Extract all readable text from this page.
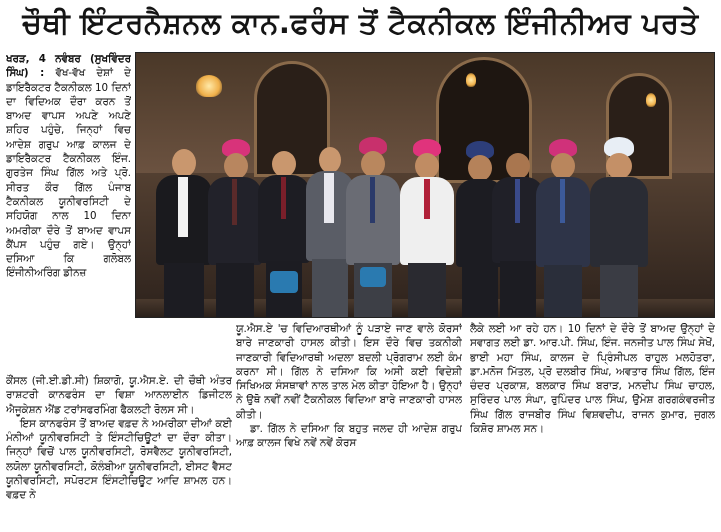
ਚੌਥੀ ਇੰਟਰਨੈਸ਼ਨਲ ਕਾਨ.ਫਰੰਸ ਤੋਂ ਟੈਕਨੀਕਲ ਇੰਜੀਨੀਅਰ ਪਰਤੇ

ਖਰੜ, 4 ਨਵੰਬਰ (ਸੁਖਵਿੰਦਰ ਸਿੰਘ) : ਵੱਖ-ਵੱਖ ਦੇਸ਼ਾਂ ਦੇ ਡਾਇਰੈਕਟਰ ਟੈਕਨੀਕਲ 10 ਦਿਨਾਂ ਦਾ ਵਿਦਿਅਕ ਦੌਰਾ ਕਰਨ ਤੋਂ ਬਾਅਦ ਵਾਪਸ ਅਪਣੇ ਅਪਣੇ ਸ਼ਹਿਰ ਪਹੁੰਚੇ, ਜਿਨ੍ਹਾਂ ਵਿਚ ਆਦੇਸ਼ ਗਰੁਪ ਆਫ਼ ਕਾਲਜ ਦੇ ਡਾਇਰੈਕਟਰ ਟੈਕਨੀਕਲ ਇੰਜ. ਗੁਰਤੇਜ ਸਿੰਘ ਗਿੱਲ ਅਤੇ ਪ੍ਰੋ. ਸੀਰਤ ਕੌਰ ਗਿੱਲ ਪੰਜਾਬ ਟੈਕਨੀਕਲ ਯੂਨੀਵਰਸਿਟੀ ਦੇ ਸਹਿਯੋਗ ਨਾਲ 10 ਦਿਨਾ ਅਮਰੀਕਾ ਦੌਰੇ ਤੋਂ ਬਾਅਦ ਵਾਪਸ ਕੈਂਪਸ ਪਹੁੰਚ ਗਏ। ਉਨ੍ਹਾਂ ਦਸਿਆ ਕਿ ਗਲੋਬਲ ਇੰਜੀਨੀਅਰਿੰਗ ਡੀਨਜ਼

ਕੌਂਸਲ (ਜੀ.ਈ.ਡੀ.ਸੀ) ਸ਼ਿਕਾਗੋ, ਯੂ.ਐਸ.ਏ. ਦੀ ਚੌਥੀ ਅੰਤਰ ਰਾਸ਼ਟਰੀ ਕਾਨਫਰੰਸ ਦਾ ਵਿਸ਼ਾ ਆਨਲਾਈਨ ਡਿਜੀਟਲ ਐਜੂਕੇਸ਼ਨ ਐਂਡ ਟਰਾਂਸਫਰਮਿੰਗ ਫੈਕਲਟੀ ਰੋਲਸ ਸੀ।

ਇਸ ਕਾਨਫਰੰਸ ਤੋਂ ਬਾਅਦ ਵਫ਼ਦ ਨੇ ਅਮਰੀਕਾ ਦੀਆਂ ਕਈ ਮੰਨੀਆਂ ਯੂਨੀਵਰਸਿਟੀ ਤੇ ਇੰਸਟੀਚਿਊਟਾਂ ਦਾ ਦੌਰਾ ਕੀਤਾ। ਜਿਨ੍ਹਾਂ ਵਿਚੋਂ ਪਾਲ ਯੂਨੀਵਰਸਿਟੀ, ਰੋਸਵੈਲਟ ਯੂਨੀਵਰਸਿਟੀ, ਲਯੋਲਾ ਯੂਨੀਵਰਸਿਟੀ, ਕੋਲੰਬੀਆ ਯੂਨੀਵਰਸਿਟੀ, ਈਸਟ ਵੈਸਟ ਯੂਨੀਵਰਸਿਟੀ, ਸਪੋਰਟਸ ਇੰਸਟੀਚਿਊਟ ਆਦਿ ਸ਼ਾਮਲ ਹਨ। ਵਫ਼ਦ ਨੇ

ਯੂ.ਐਸ.ਏ 'ਚ ਵਿਦਿਆਰਥੀਆਂ ਨੂੰ ਪੜਾਏ ਜਾਣ ਵਾਲੇ ਕੋਰਸਾਂ ਬਾਰੇ ਜਾਣਕਾਰੀ ਹਾਸਲ ਕੀਤੀ। ਇਸ ਦੌਰੇ ਵਿਚ ਤਕਨੀਕੀ ਜਾਣਕਾਰੀ ਵਿਦਿਆਰਥੀ ਅਦਲਾ ਬਦਲੀ ਪ੍ਰੋਗਰਾਮ ਲਈ ਕੰਮ ਕਰਨਾ ਸੀ। ਗਿੱਲ ਨੇ ਦਸਿਆ ਕਿ ਅਸੀ ਕਈ ਵਿਦੇਸ਼ੀ ਸਿਖਿਅਕ ਸੰਸਥਾਵਾਂ ਨਾਲ ਤਾਲ ਮੇਲ ਕੀਤਾ ਹੋਇਆ ਹੈ। ਉਨ੍ਹਾਂ ਨੇ ਉਥੋ ਨਵੀਂ ਨਵੀਂ ਟੈਕਨੀਕਲ ਵਿਦਿਆ ਬਾਰੇ ਜਾਣਕਾਰੀ ਹਾਸਲ ਕੀਤੀ।

ਡਾ. ਗਿੱਲ ਨੇ ਦਸਿਆ ਕਿ ਬਹੁਤ ਜਲਦ ਹੀ ਆਦੇਸ਼ ਗਰੁਪ ਆਫ਼ ਕਾਲਜ ਵਿਖੇ ਨਵੇਂ ਨਵੇਂ ਕੋਰਸ

ਲੈਕੇ ਲਈ ਆ ਰਹੇ ਹਨ। 10 ਦਿਨਾਂ ਦੇ ਦੌਰੇ ਤੋਂ ਬਾਅਦ ਉਨ੍ਹਾਂ ਦੇ ਸਵਾਗਤ ਲਈ ਡਾ. ਆਰ.ਪੀ. ਸਿੰਘ, ਇੰਜ. ਜਨਜੀਤ ਪਾਲ ਸਿੰਘ ਸੇਖੋਂ, ਭਾਈ ਮਹਾ ਸਿੰਘ, ਕਾਲਜ ਦੇ ਪ੍ਰਿੰਸੀਪਲ ਰਾਹੁਲ ਮਲਹੋਤਰਾ, ਡਾ.ਮਨੋਜ ਮਿੱਤਲ, ਪ੍ਰੋ ਦਲਬੀਰ ਸਿੰਘ, ਅਵਤਾਰ ਸਿੰਘ ਗਿੱਲ, ਇੰਜ ਚੰਦਰ ਪ੍ਰਕਾਸ਼, ਬਲਕਾਰ ਸਿੰਘ ਬਰਾੜ, ਮਨਦੀਪ ਸਿੰਘ ਚਾਹਲ, ਸੁਰਿੰਦਰ ਪਾਲ ਸੰਘਾ, ਰੁਪਿੰਦਰ ਪਾਲ ਸਿੰਘ, ਉਮੇਸ਼ ਗਰਗਕੰਵਰਜੀਤ ਸਿੰਘ ਗਿੱਲ ਰਾਜਬੀਰ ਸਿੰਘ ਵਿਸ਼ਵਦੀਪ, ਰਾਜਨ ਕੁਮਾਰ, ਜੁਗਲ ਕਿਸ਼ੋਰ ਸ਼ਾਮਲ ਸਨ।
